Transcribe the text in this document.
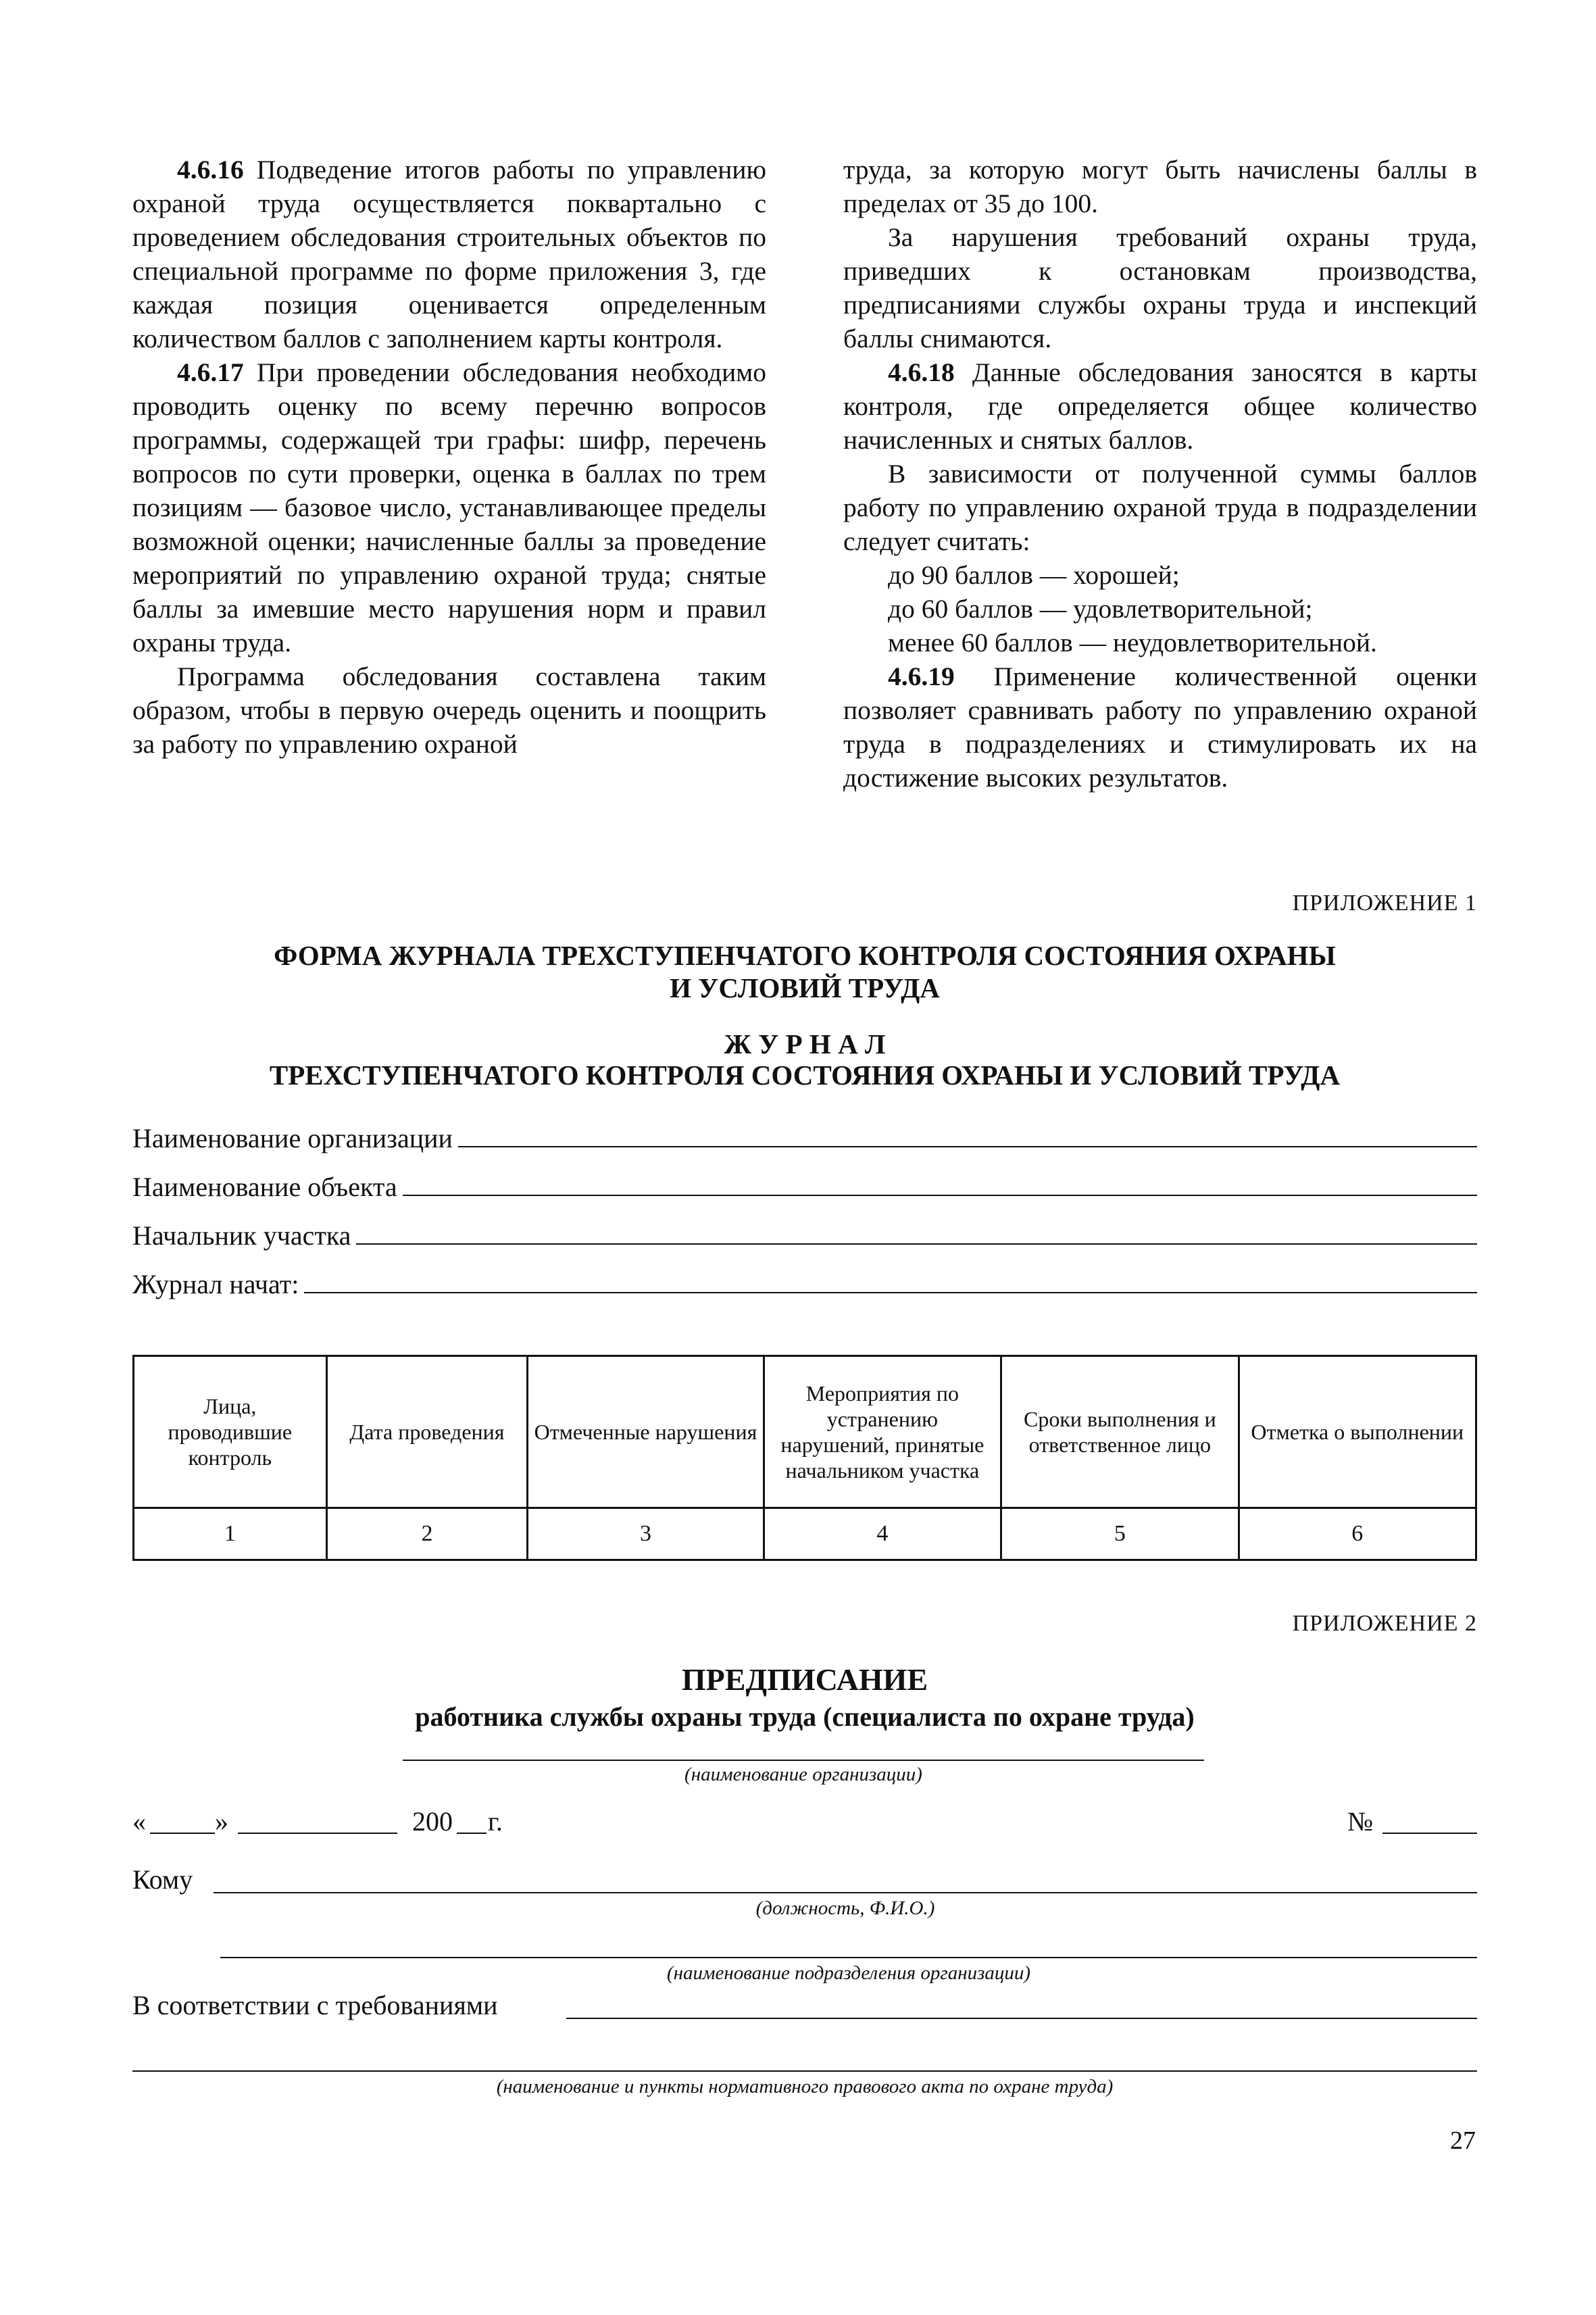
4.6.16 Подведение итогов работы по управлению охраной труда осуществляется поквартально с проведением обследования строительных объектов по специальной программе по форме приложения 3, где каждая позиция оценивается определенным количеством баллов с заполнением карты контроля.

4.6.17 При проведении обследования необходимо проводить оценку по всему перечню вопросов программы, содержащей три графы: шифр, перечень вопросов по сути проверки, оценка в баллах по трем позициям — базовое число, устанавливающее пределы возможной оценки; начисленные баллы за проведение мероприятий по управлению охраной труда; снятые баллы за имевшие место нарушения норм и правил охраны труда.

Программа обследования составлена таким образом, чтобы в первую очередь оценить и поощрить за работу по управлению охраной

труда, за которую могут быть начислены баллы в пределах от 35 до 100.

За нарушения требований охраны труда, приведших к остановкам производства, предписаниями службы охраны труда и инспекций баллы снимаются.

4.6.18 Данные обследования заносятся в карты контроля, где определяется общее количество начисленных и снятых баллов.

В зависимости от полученной суммы баллов работу по управлению охраной труда в подразделении следует считать:

до 90 баллов — хорошей;

до 60 баллов — удовлетворительной;

менее 60 баллов — неудовлетворительной.

4.6.19 Применение количественной оценки позволяет сравнивать работу по управлению охраной труда в подразделениях и стимулировать их на достижение высоких результатов.

ПРИЛОЖЕНИЕ 1
ФОРМА ЖУРНАЛА ТРЕХСТУПЕНЧАТОГО КОНТРОЛЯ СОСТОЯНИЯ ОХРАНЫ
И УСЛОВИЙ ТРУДА
Ж У Р Н А Л
ТРЕХСТУПЕНЧАТОГО КОНТРОЛЯ СОСТОЯНИЯ ОХРАНЫ И УСЛОВИЙ ТРУДА
Наименование организации
Наименование объекта
Начальник участка
Журнал начат:
Лица, проводившие контроль	Дата проведения	Отмеченные нарушения	Мероприятия по устранению нарушений, принятые начальником участка	Сроки выполнения и ответственное лицо	Отметка о выполнении
1	2	3	4	5	6
ПРИЛОЖЕНИЕ 2
ПРЕДПИСАНИЕ
работника службы охраны труда (специалиста по охране труда)
(наименование организации)
«	»	200 г.	№
Кому
(должность, Ф.И.О.)
(наименование подразделения организации)
В соответствии с требованиями
(наименование и пункты нормативного правового акта по охране труда)
27
